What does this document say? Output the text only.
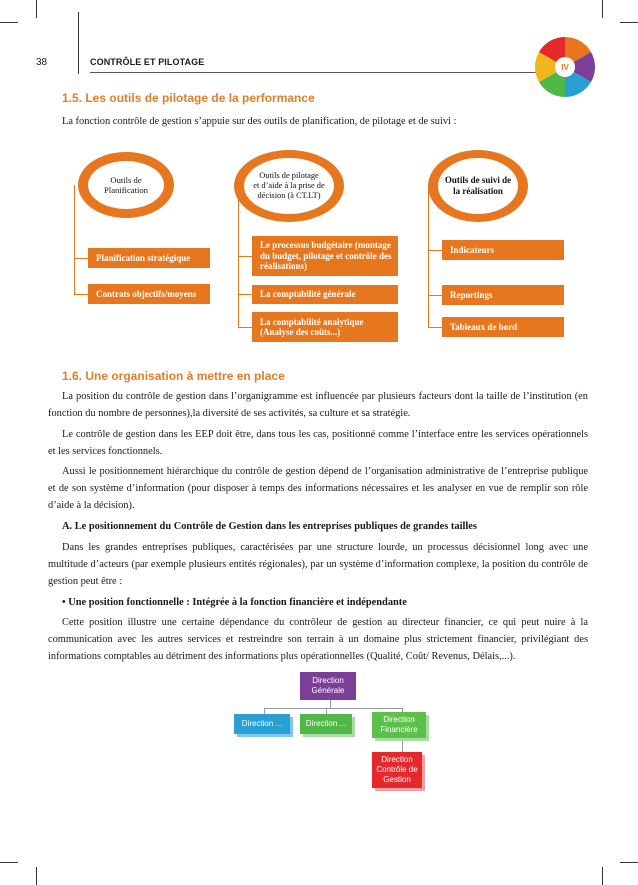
38	CONTRÔLE ET PILOTAGE
IV
1.5. Les outils de pilotage de la performance
La fonction contrôle de gestion s’appuie sur des outils de planification, de pilotage et de suivi :
Outils de Planification
Planification stratégique
Contrats objectifs/moyens
Outils de pilotage
et d’aide à la prise de décision (à CT.LT)
Le processus budgétaire (montage du budget, pilotage et contrôle des réalisations)
La comptabilité générale
La comptabilité analytique (Analyse des coûts...)
Outils de suivi de la réalisation
Indicateurs
Reportings
Tableaux de bord
1.6. Une organisation à mettre en place
La position du contrôle de gestion dans l’organigramme est influencée par plusieurs facteurs dont la taille de l’institution (en fonction du nombre de personnes),la diversité de ses activités, sa culture et sa stratégie.
Le contrôle de gestion dans les EEP doit être, dans tous les cas, positionné comme l’interface entre les services opérationnels et les services fonctionnels.
Aussi le positionnement hiérarchique du contrôle de gestion dépend de l’organisation administrative de l’entreprise publique et de son système d’information (pour disposer à temps des informations nécessaires et les analyser en vue de remplir son rôle d’aide à la décision).
A. Le positionnement du Contrôle de Gestion dans les entreprises publiques de grandes tailles
Dans les grandes entreprises publiques, caractérisées par une structure lourde, un processus décisionnel long avec une multitude d’acteurs (par exemple plusieurs entités régionales), par un système d’information complexe, la position du contrôle de gestion peut être :
• Une position fonctionnelle : Intégrée à la fonction financière et indépendante
Cette position illustre une certaine dépendance du contrôleur de gestion au directeur financier, ce qui peut nuire à la communication avec les autres services et restreindre son terrain à un domaine plus strictement financier, privilégiant des informations comptables au détriment des informations plus opérationnelles (Qualité, Coût/ Revenus, Délais,...).
Direction Générale
Direction ...	Direction ...	Direction Financière
Direction Contrôle de Gestion
